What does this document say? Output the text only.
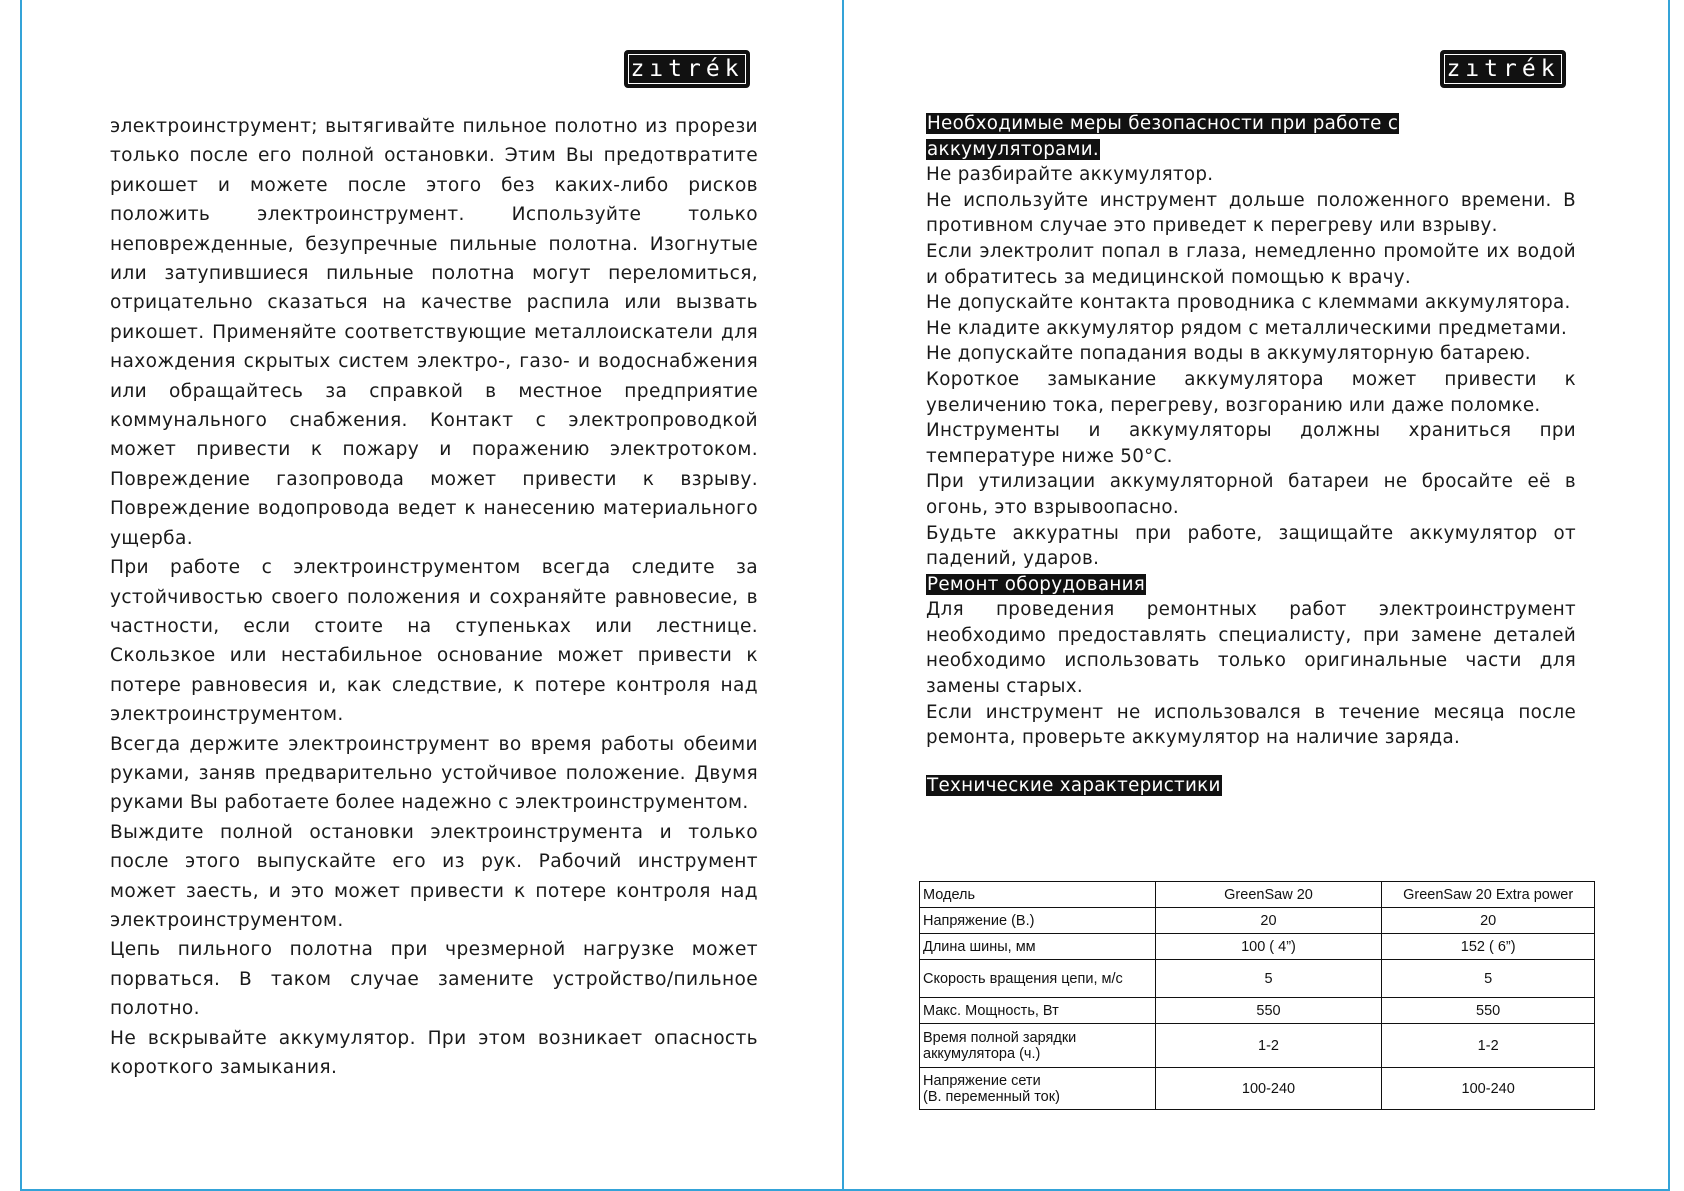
zıtrék

электроинструмент; вытягивайте пильное полотно из прорези только после его полной остановки. Этим Вы предотвратите рикошет и можете после этого без каких-либо рисков положить электроинструмент. Используйте только неповрежденные, безупречные пильные полотна. Изогнутые или затупившиеся пильные полотна могут переломиться, отрицательно сказаться на качестве распила или вызвать рикошет. Применяйте соответствующие металлоискатели для нахождения скрытых систем электро-, газо- и водоснабжения или обращайтесь за справкой в местное предприятие коммунального снабжения. Контакт с электропроводкой может привести к пожару и поражению электротоком. Повреждение газопровода может привести к взрыву. Повреждение водопровода ведет к нанесению материального ущерба.

При работе с электроинструментом всегда следите за устойчивостью своего положения и сохраняйте равновесие, в частности, если стоите на ступеньках или лестнице. Скользкое или нестабильное основание может привести к потере равновесия и, как следствие, к потере контроля над электроинструментом.

Всегда держите электроинструмент во время работы обеими руками, заняв предварительно устойчивое положение. Двумя руками Вы работаете более надежно с электроинструментом.

Выждите полной остановки электроинструмента и только после этого выпускайте его из рук. Рабочий инструмент может заесть, и это может привести к потере контроля над электроинструментом.

Цепь пильного полотна при чрезмерной нагрузке может порваться. В таком случае замените устройство/пильное полотно.

Не вскрывайте аккумулятор. При этом возникает опасность короткого замыкания.

zıtrék
Необходимые меры безопасности при работе с
аккумуляторами.

Не разбирайте аккумулятор.

Не используйте инструмент дольше положенного времени. В противном случае это приведет к перегреву или взрыву.

Если электролит попал в глаза, немедленно промойте их водой и обратитесь за медицинской помощью к врачу.

Не допускайте контакта проводника с клеммами аккумулятора.

Не кладите аккумулятор рядом с металлическими предметами.

Не допускайте попадания воды в аккумуляторную батарею.

Короткое замыкание аккумулятора может привести к увеличению тока, перегреву, возгоранию или даже поломке.

Инструменты и аккумуляторы должны храниться при температуре ниже 50°С.

При утилизации аккумуляторной батареи не бросайте её в огонь, это взрывоопасно.

Будьте аккуратны при работе, защищайте аккумулятор от падений, ударов.

Ремонт оборудования

Для проведения ремонтных работ электроинструмент необходимо предоставлять специалисту, при замене деталей необходимо использовать только оригинальные части для замены старых.

Если инструмент не использовался в течение месяца после ремонта, проверьте аккумулятор на наличие заряда.

Технические характеристики
Модель	GreenSaw 20	GreenSaw 20 Extra power
Напряжение (В.)	20	20
Длина шины, мм	100 ( 4”)	152 ( 6”)
Скорость вращения цепи, м/с	5	5
Макс. Мощность, Вт	550	550
Время полной зарядки
аккумулятора (ч.)	1-2	1-2
Напряжение сети
(В. переменный ток)	100-240	100-240
